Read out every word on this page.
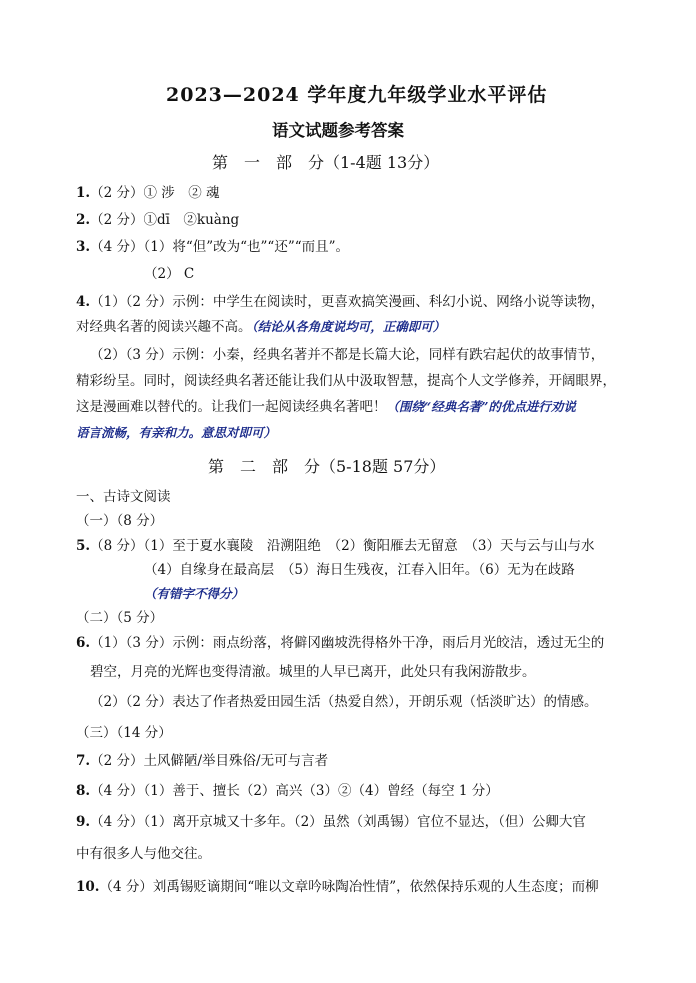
2023—2024 学年度九年级学业水平评估
语文试题参考答案
第　一　部　分（1-4题 13分）
1.（2 分）① 涉　② 魂
2.（2 分）①dī　②kuàng
3.（4 分）（1）将“但”改为“也”“还”“而且”。
（2） C
4.（1）（2 分）示例：中学生在阅读时，更喜欢搞笑漫画、科幻小说、网络小说等读物，
对经典名著的阅读兴趣不高。（结论从各角度说均可，正确即可）
（2）（3 分）示例：小秦，经典名著并不都是长篇大论，同样有跌宕起伏的故事情节，
精彩纷呈。同时，阅读经典名著还能让我们从中汲取智慧，提高个人文学修养，开阔眼界，
这是漫画难以替代的。让我们一起阅读经典名著吧！（围绕“经典名著”的优点进行劝说
语言流畅，有亲和力。意思对即可）
第　二　部　分（5-18题 57分）
一、古诗文阅读
（一）（8 分）
5.（8 分）（1）至于夏水襄陵　沿溯阻绝　（2）衡阳雁去无留意　（3）天与云与山与水
（4）自缘身在最高层　（5）海日生残夜，江春入旧年。（6）无为在歧路
（有错字不得分）
（二）（5 分）
6.（1）（3 分）示例：雨点纷落，将僻冈幽坡洗得格外干净，雨后月光皎洁，透过无尘的
碧空，月亮的光辉也变得清澈。城里的人早已离开，此处只有我闲游散步。
（2）（2 分）表达了作者热爱田园生活（热爱自然），开朗乐观（恬淡旷达）的情感。
（三）（14 分）
7.（2 分）土风僻陋/举目殊俗/无可与言者
8.（4 分）（1）善于、擅长（2）高兴（3）②（4）曾经（每空 1 分）
9.（4 分）（1）离开京城又十多年。（2）虽然（刘禹锡）官位不显达，（但）公卿大官
中有很多人与他交往。
10.（4 分）刘禹锡贬谪期间“唯以文章吟咏陶冶性情”，依然保持乐观的人生态度；而柳
